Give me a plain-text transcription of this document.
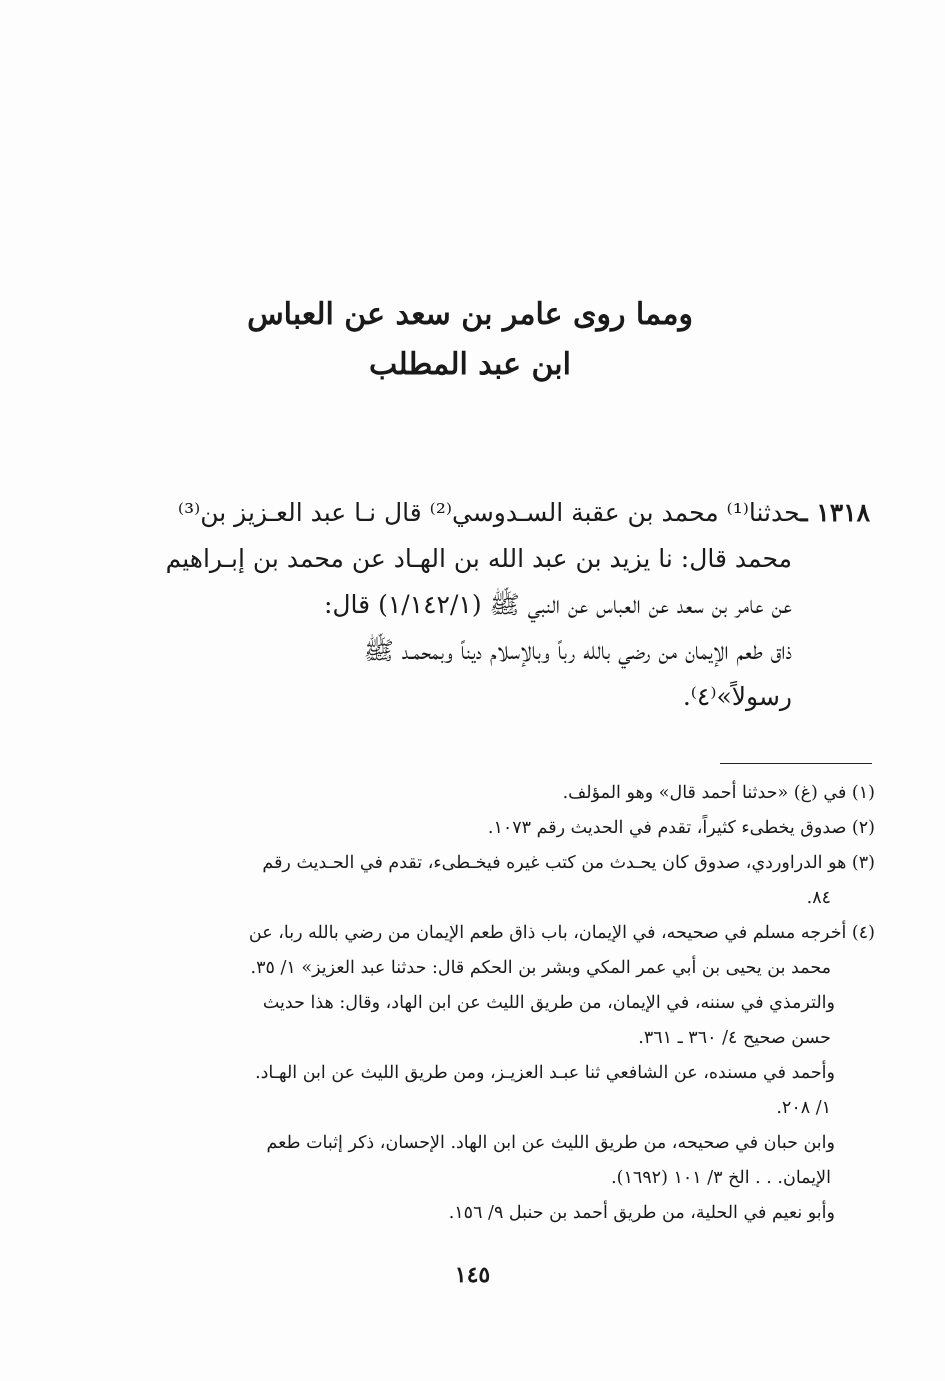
ومما روى عامر بن سعد عن العباس
ابن عبد المطلب
١٣١٨ ـحدثنا⁽¹⁾ محمد بن عقبة السـدوسي⁽²⁾ قال نـا عبد العـزيز بن⁽³⁾
محمد قال: نا يزيد بن عبد الله بن الهـاد عن محمد بن إبـراهيم
عن عامر بن سعد عن العباس عن النبي ﷺ (١/١٤٢/١) قال:
ذاق طعم الإيمان من رضي بالله رباً وبالإسلام ديناً وبمحمـد ﷺ
رسولاً»⁽٤⁾.
(١) في (غ) «حدثنا أحمد قال» وهو المؤلف.
(٢) صدوق يخطىء كثيراً، تقدم في الحديث رقم ١٠٧٣.
(٣) هو الدراوردي، صدوق كان يحـدث من كتب غيره فيخـطىء، تقدم في الحـديث رقم
٨٤.
(٤) أخرجه مسلم في صحيحه، في الإيمان، باب ذاق طعم الإيمان من رضي بالله ربا، عن
محمد بن يحيى بن أبي عمر المكي وبشر بن الحكم قال: حدثنا عبد العزيز» ١/ ٣٥.
والترمذي في سننه، في الإيمان، من طريق الليث عن ابن الهاد، وقال: هذا حديث
حسن صحيح ٤/ ٣٦٠ ـ ٣٦١.
وأحمد في مسنده، عن الشافعي ثنا عبـد العزيـز، ومن طريق الليث عن ابن الهـاد.
١/ ٢٠٨.
وابن حبان في صحيحه، من طريق الليث عن ابن الهاد. الإحسان، ذكر إثبات طعم
الإيمان. . . الخ ٣/ ١٠١ (١٦٩٢).
وأبو نعيم في الحلية، من طريق أحمد بن حنبل ٩/ ١٥٦.
١٤٥
